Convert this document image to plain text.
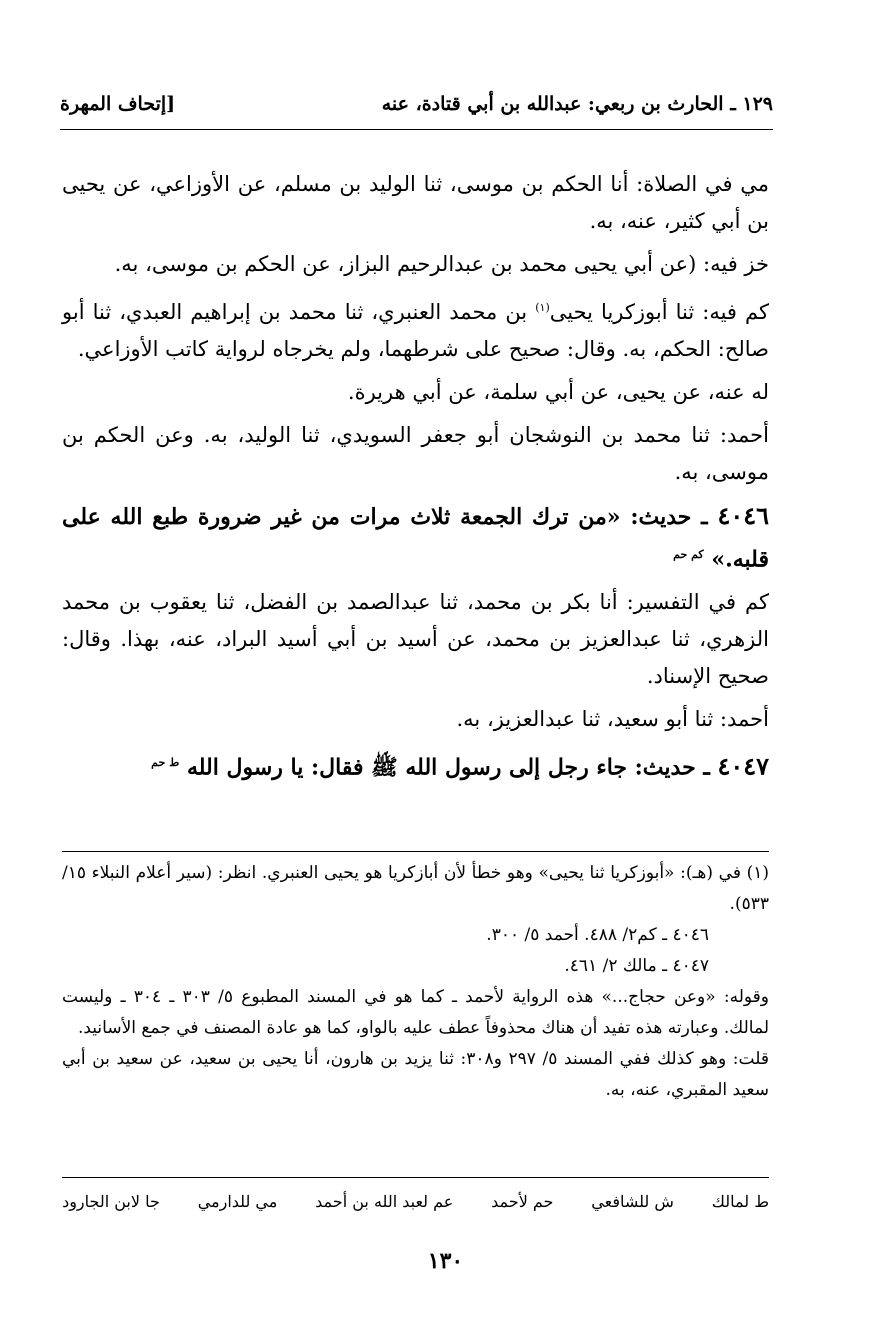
١٢٩ ـ الحارث بن ربعي: عبدالله بن أبي قتادة، عنه
[إتحاف المهرة

مي في الصلاة: أنا الحكم بن موسى، ثنا الوليد بن مسلم، عن الأوزاعي، عن يحيى بن أبي كثير، عنه، به.

خز فيه: (عن أبي يحيى محمد بن عبدالرحيم البزاز، عن الحكم بن موسى، به.

كم فيه: ثنا أبوزكريا يحيى$^{(١)}$ بن محمد العنبري، ثنا محمد بن إبراهيم العبدي، ثنا أبو صالح: الحكم، به. وقال: صحيح على شرطهما، ولم يخرجاه لرواية كاتب الأوزاعي.

له عنه، عن يحيى، عن أبي سلمة، عن أبي هريرة.

أحمد: ثنا محمد بن النوشجان أبو جعفر السويدي، ثنا الوليد، به. وعن الحكم بن موسى، به.

٤٠٤٦ ـ حديث: «من ترك الجمعة ثلاث مرات من غير ضرورة طبع الله على قلبه.» $^{كم حم}$

كم في التفسير: أنا بكر بن محمد، ثنا عبدالصمد بن الفضل، ثنا يعقوب بن محمد الزهري، ثنا عبدالعزيز بن محمد، عن أسيد بن أبي أسيد البراد، عنه، بهذا. وقال: صحيح الإسناد.

أحمد: ثنا أبو سعيد، ثنا عبدالعزيز، به.

٤٠٤٧ ـ حديث: جاء رجل إلى رسول الله ﷺ فقال: يا رسول الله $^{ط حم}$

(١) في (هـ): «أبوزكريا ثنا يحيى» وهو خطأ لأن أبازكريا هو يحيى العنبري. انظر: (سير أعلام النبلاء ١٥/ ٥٣٣).

٤٠٤٦ ـ كم٢/ ٤٨٨. أحمد ٥/ ٣٠٠.

٤٠٤٧ ـ مالك ٢/ ٤٦١.

وقوله: «وعن حجاج...» هذه الرواية لأحمد ـ كما هو في المسند المطبوع ٥/ ٣٠٣ ـ ٣٠٤ ـ وليست لمالك. وعبارته هذه تفيد أن هناك محذوفاً عطف عليه بالواو، كما هو عادة المصنف في جمع الأسانيد.

قلت: وهو كذلك ففي المسند ٥/ ٢٩٧ و٣٠٨: ثنا يزيد بن هارون، أنا يحيى بن سعيد، عن سعيد بن أبي سعيد المقبري، عنه، به.

ط لمالك
ش للشافعي
حم لأحمد
عم لعبد الله بن أحمد
مي للدارمي
جا لابن الجارود
١٣٠
